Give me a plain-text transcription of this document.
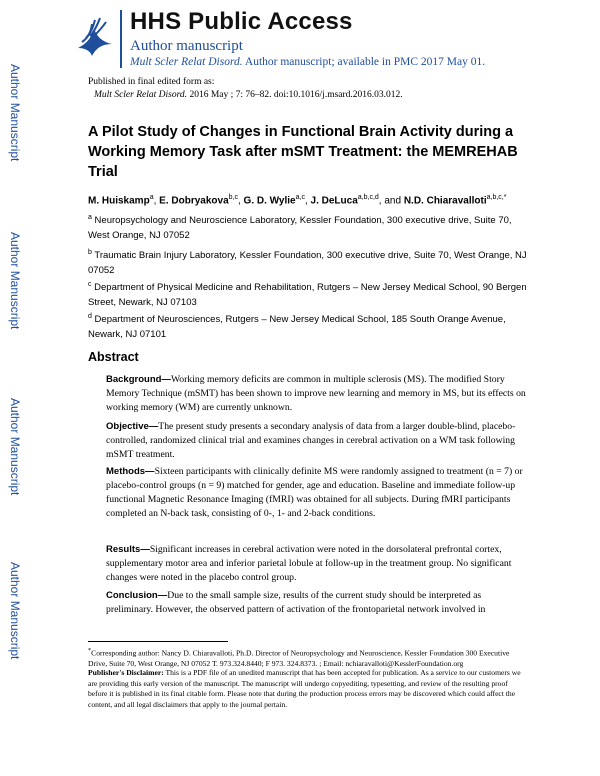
HHS Public Access
Author manuscript
Mult Scler Relat Disord. Author manuscript; available in PMC 2017 May 01.
Author Manuscript
Author Manuscript
Author Manuscript
Author Manuscript
Published in final edited form as:
Mult Scler Relat Disord. 2016 May ; 7: 76–82. doi:10.1016/j.msard.2016.03.012.
A Pilot Study of Changes in Functional Brain Activity during a Working Memory Task after mSMT Treatment: the MEMREHAB Trial
M. Huiskamp$^a$, E. Dobryakova$^{b,c}$, G. D. Wylie$^{a,c}$, J. DeLuca$^{a,b,c,d}$, and N.D. Chiaravalloti$^{a,b,c,*}$
$^a$ Neuropsychology and Neuroscience Laboratory, Kessler Foundation, 300 executive drive, Suite 70, West Orange, NJ 07052
$^b$ Traumatic Brain Injury Laboratory, Kessler Foundation, 300 executive drive, Suite 70, West Orange, NJ 07052
$^c$ Department of Physical Medicine and Rehabilitation, Rutgers – New Jersey Medical School, 90 Bergen Street, Newark, NJ 07103
$^d$ Department of Neurosciences, Rutgers – New Jersey Medical School, 185 South Orange Avenue, Newark, NJ 07101
Abstract
Background—Working memory deficits are common in multiple sclerosis (MS). The modified Story Memory Technique (mSMT) has been shown to improve new learning and memory in MS, but its effects on working memory (WM) are currently unknown.
Objective—The present study presents a secondary analysis of data from a larger double-blind, placebo-controlled, randomized clinical trial and examines changes in cerebral activation on a WM task following mSMT treatment.
Methods—Sixteen participants with clinically definite MS were randomly assigned to treatment (n = 7) or placebo-control groups (n = 9) matched for gender, age and education. Baseline and immediate follow-up functional Magnetic Resonance Imaging (fMRI) was obtained for all subjects. During fMRI participants completed an N-back task, consisting of 0-, 1- and 2-back conditions.
Results—Significant increases in cerebral activation were noted in the dorsolateral prefrontal cortex, supplementary motor area and inferior parietal lobule at follow-up in the treatment group. No significant changes were noted in the placebo control group.
Conclusion—Due to the small sample size, results of the current study should be interpreted as preliminary. However, the observed pattern of activation of the frontoparietal network involved in
*Corresponding author: Nancy D. Chiaravalloti, Ph.D. Director of Neuropsychology and Neuroscience, Kessler Foundation 300 Executive Drive, Suite 70, West Orange, NJ 07052 T. 973.324.8440; F 973. 324.8373. ; Email: nchiaravalloti@KesslerFoundation.org
Publisher's Disclaimer: This is a PDF file of an unedited manuscript that has been accepted for publication. As a service to our customers we are providing this early version of the manuscript. The manuscript will undergo copyediting, typesetting, and review of the resulting proof before it is published in its final citable form. Please note that during the production process errors may be discovered which could affect the content, and all legal disclaimers that apply to the journal pertain.
